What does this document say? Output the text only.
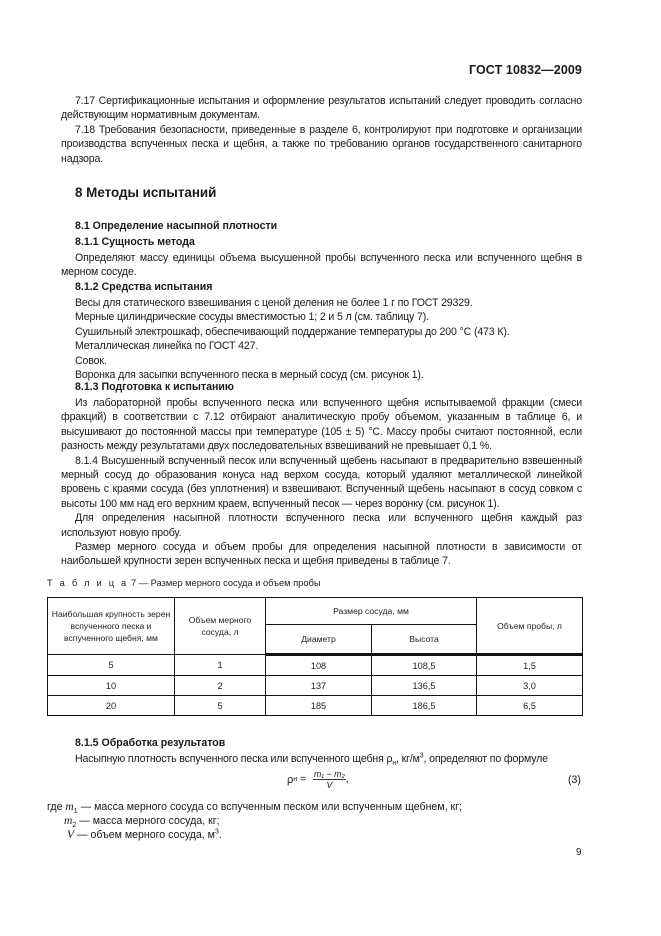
ГОСТ 10832—2009

7.17 Сертификационные испытания и оформление результатов испытаний следует проводить согласно действующим нормативным документам.

7.18 Требования безопасности, приведенные в разделе 6, контролируют при подготовке и организации производства вспученных песка и щебня, а также по требованию органов государственного санитарного надзора.

8 Методы испытаний
8.1 Определение насыпной плотности
8.1.1 Сущность метода

Определяют массу единицы объема высушенной пробы вспученного песка или вспученного щебня в мерном сосуде.

8.1.2 Средства испытания

Весы для статического взвешивания с ценой деления не более 1 г по ГОСТ 29329.

Мерные цилиндрические сосуды вместимостью 1; 2 и 5 л (см. таблицу 7).

Сушильный электрошкаф, обеспечивающий поддержание температуры до 200 °С (473 К).

Металлическая линейка по ГОСТ 427.

Совок.

Воронка для засыпки вспученного песка в мерный сосуд (см. рисунок 1).

8.1.3 Подготовка к испытанию

Из лабораторной пробы вспученного песка или вспученного щебня испытываемой фракции (смеси фракций) в соответствии с 7.12 отбирают аналитическую пробу объемом, указанным в таблице 6, и высушивают до постоянной массы при температуре (105 ± 5) °С. Массу пробы считают постоянной, если разность между результатами двух последовательных взвешиваний не превышает 0,1 %.

8.1.4 Высушенный вспученный песок или вспученный щебень насыпают в предварительно взвешенный мерный сосуд до образования конуса над верхом сосуда, который удаляют металлической линейкой вровень с краями сосуда (без уплотнения) и взвешивают. Вспученный щебень насыпают в сосуд совком с высоты 100 мм над его верхним краем, вспученный песок — через воронку (см. рисунок 1).

Для определения насыпной плотности вспученного песка или вспученного щебня каждый раз используют новую пробу.

Размер мерного сосуда и объем пробы для определения насыпной плотности в зависимости от наибольшей крупности зерен вспученных песка и щебня приведены в таблице 7.

Т а б л и ц а 7 — Размер мерного сосуда и объем пробы
Наибольшая крупность зерен вспученного песка и вспученного щебня, мм	Объем мерного сосуда, л	Размер сосуда, мм		Объем пробы, л
		Диаметр	Высота	
5	1	108	108,5	1,5
10	2	137	136,5	3,0
20	5	185	186,5	6,5
8.1.5 Обработка результатов

Насыпную плотность вспученного песка или вспученного щебня $\rho_н$, $кг/м^3$, определяют по формуле

ρ $н = \frac{\text{m₁ − m₂}}{V}$ ,	(3)
где $m_1$ — масса мерного сосуда со вспученным песком или вспученным щебнем, кг;
$m_2$ — масса мерного сосуда, кг;
V — объем мерного сосуда, $м^3$.
9
